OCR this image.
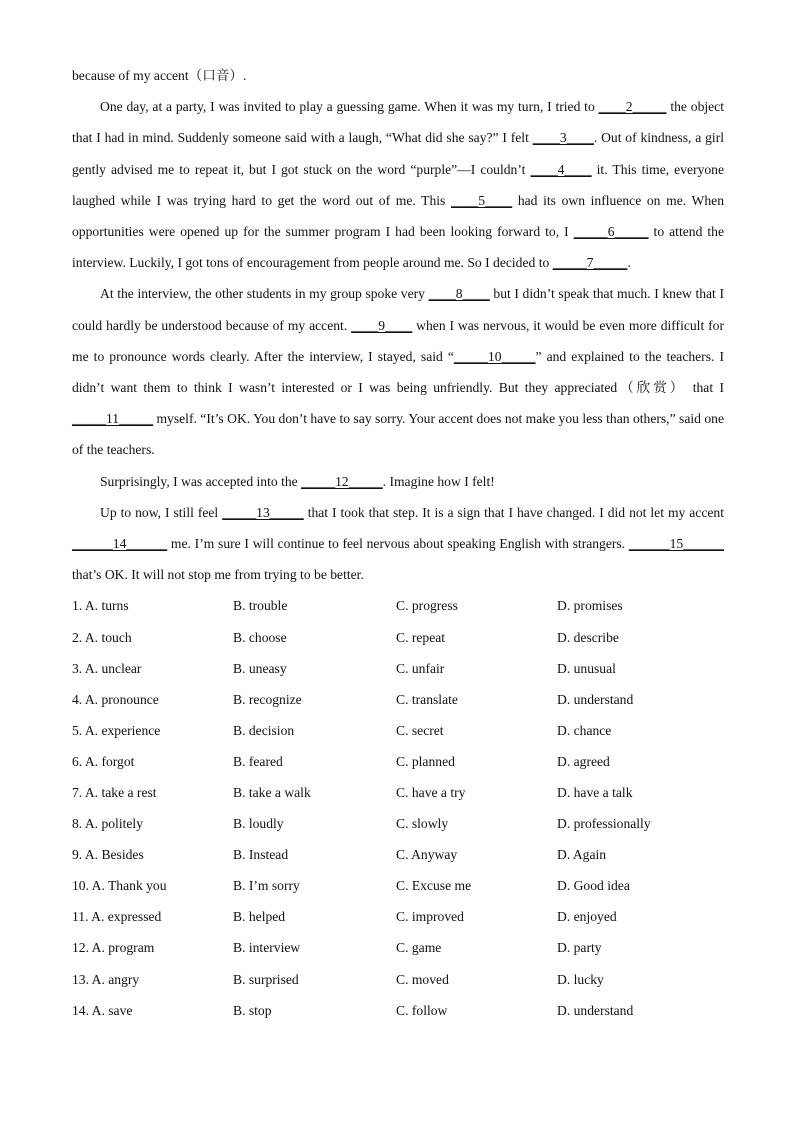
because of my accent（口音）.

One day, at a party, I was invited to play a guessing game. When it was my turn, I tried to ____2_____ the object that I had in mind. Suddenly someone said with a laugh, “What did she say?” I felt ____3____. Out of kindness, a girl gently advised me to repeat it, but I got stuck on the word “purple”—I couldn’t ____4____ it. This time, everyone laughed while I was trying hard to get the word out of me. This ____5____ had its own influence on me. When opportunities were opened up for the summer program I had been looking forward to, I _____6_____ to attend the interview. Luckily, I got tons of encouragement from people around me. So I decided to _____7_____.

At the interview, the other students in my group spoke very ____8____ but I didn’t speak that much. I knew that I could hardly be understood because of my accent. ____9____ when I was nervous, it would be even more difficult for me to pronounce words clearly. After the interview, I stayed, said “_____10_____” and explained to the teachers. I didn’t want them to think I wasn’t interested or I was being unfriendly. But they appreciated（欣赏） that I _____11_____ myself. “It’s OK. You don’t have to say sorry. Your accent does not make you less than others,” said one of the teachers.

Surprisingly, I was accepted into the _____12_____. Imagine how I felt!

Up to now, I still feel _____13_____ that I took that step. It is a sign that I have changed. I did not let my accent ______14______ me. I’m sure I will continue to feel nervous about speaking English with strangers. ______15______ that’s OK. It will not stop me from trying to be better.

1. A. turns	B. trouble	C. progress	D. promises
2. A. touch	B. choose	C. repeat	D. describe
3. A. unclear	B. uneasy	C. unfair	D. unusual
4. A. pronounce	B. recognize	C. translate	D. understand
5. A. experience	B. decision	C. secret	D. chance
6. A. forgot	B. feared	C. planned	D. agreed
7. A. take a rest	B. take a walk	C. have a try	D. have a talk
8. A. politely	B. loudly	C. slowly	D. professionally
9. A. Besides	B. Instead	C. Anyway	D. Again
10. A. Thank you	B. I’m sorry	C. Excuse me	D. Good idea
11. A. expressed	B. helped	C. improved	D. enjoyed
12. A. program	B. interview	C. game	D. party
13. A. angry	B. surprised	C. moved	D. lucky
14. A. save	B. stop	C. follow	D. understand
